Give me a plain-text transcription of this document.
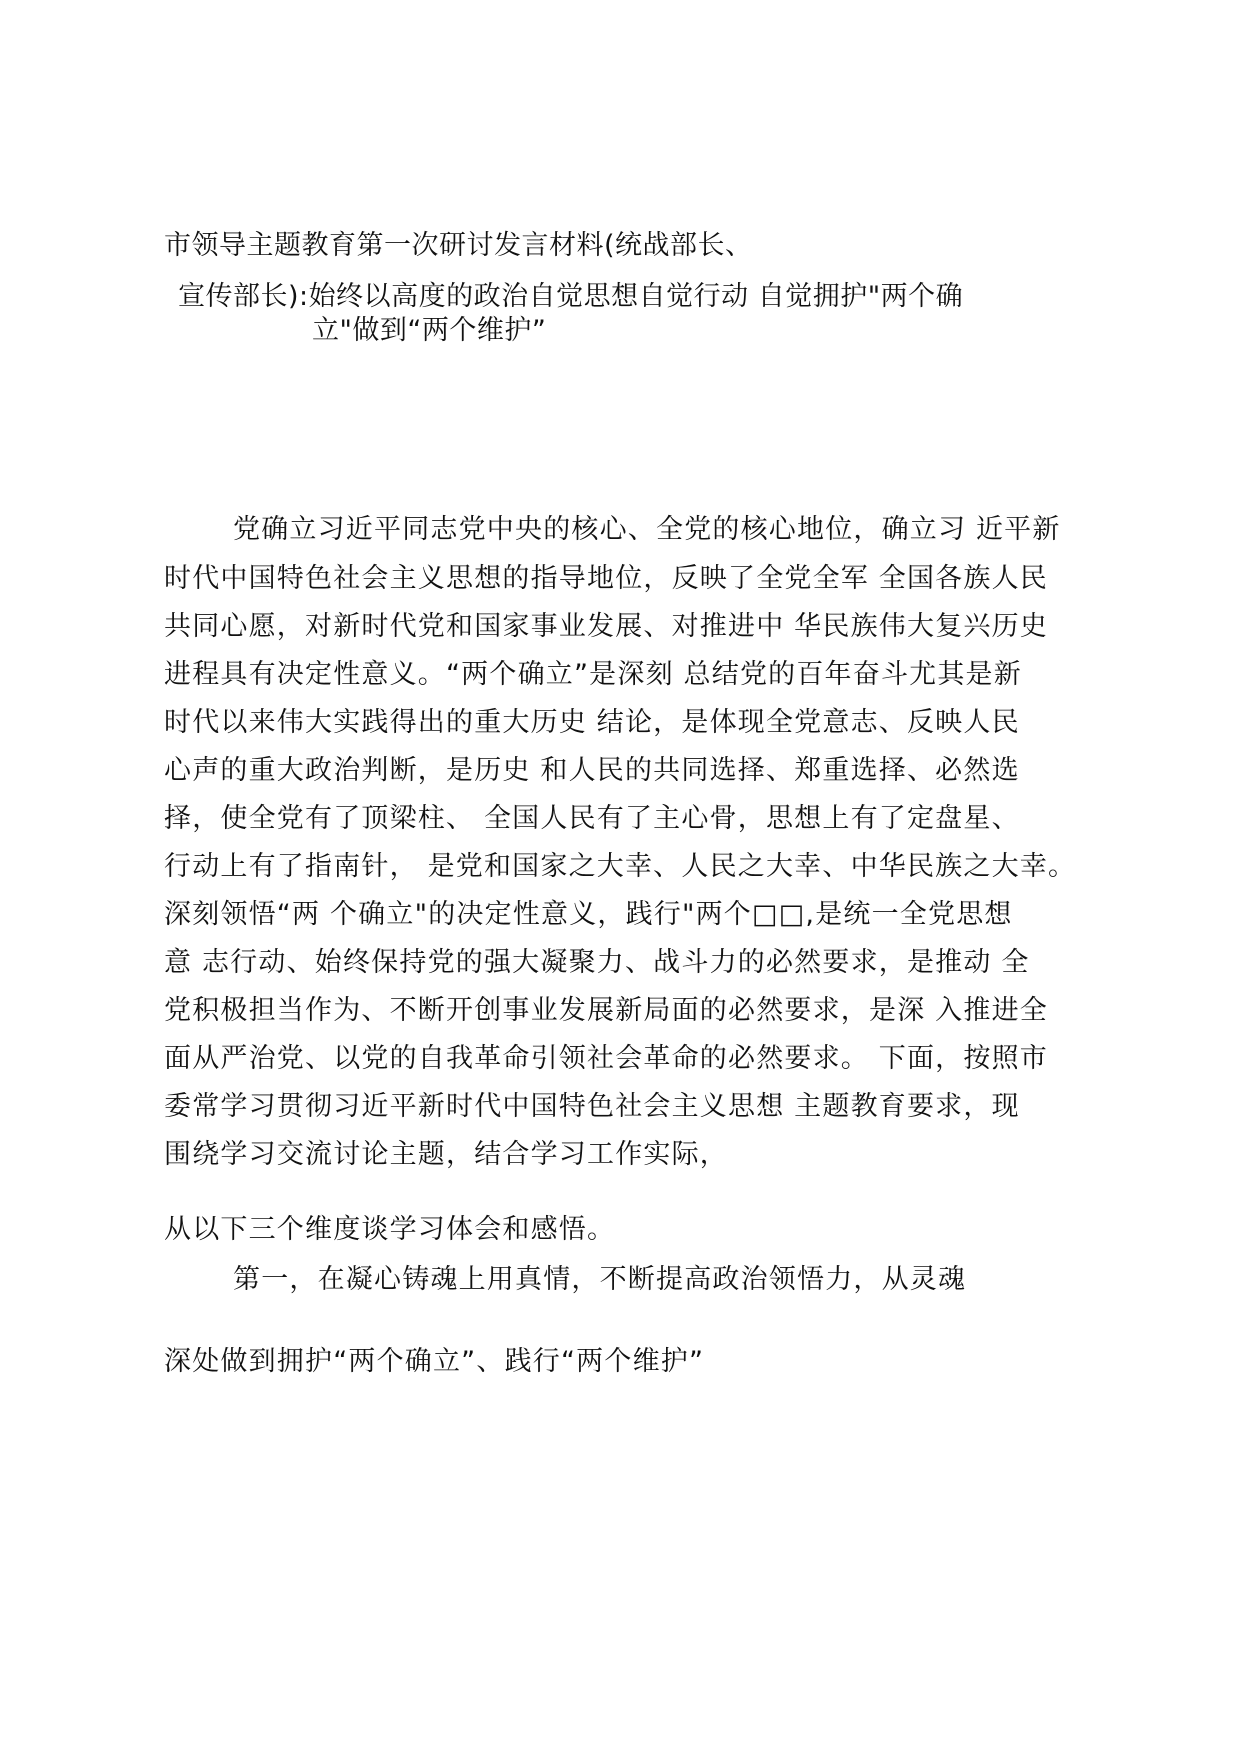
市领导主题教育第一次研讨发言材料(统战部长、
宣传部长):始终以高度的政治自觉思想自觉行动 自觉拥护"两个确
立"做到“两个维护”
党确立习近平同志党中央的核心、全党的核心地位，确立习 近平新
时代中国特色社会主义思想的指导地位，反映了全党全军 全国各族人民
共同心愿，对新时代党和国家事业发展、对推进中 华民族伟大复兴历史
进程具有决定性意义。“两个确立”是深刻 总结党的百年奋斗尤其是新
时代以来伟大实践得出的重大历史 结论，是体现全党意志、反映人民
心声的重大政治判断，是历史 和人民的共同选择、郑重选择、必然选
择，使全党有了顶梁柱、 全国人民有了主心骨，思想上有了定盘星、
行动上有了指南针， 是党和国家之大幸、人民之大幸、中华民族之大幸。
深刻领悟“两 个确立"的决定性意义，践行"两个□□,是统一全党思想
意 志行动、始终保持党的强大凝聚力、战斗力的必然要求，是推动 全
党积极担当作为、不断开创事业发展新局面的必然要求，是深 入推进全
面从严治党、以党的自我革命引领社会革命的必然要求。 下面，按照市
委常学习贯彻习近平新时代中国特色社会主义思想 主题教育要求，现
围绕学习交流讨论主题，结合学习工作实际，
从以下三个维度谈学习体会和感悟。
第一，在凝心铸魂上用真情，不断提高政治领悟力，从灵魂
深处做到拥护“两个确立”、践行“两个维护”
